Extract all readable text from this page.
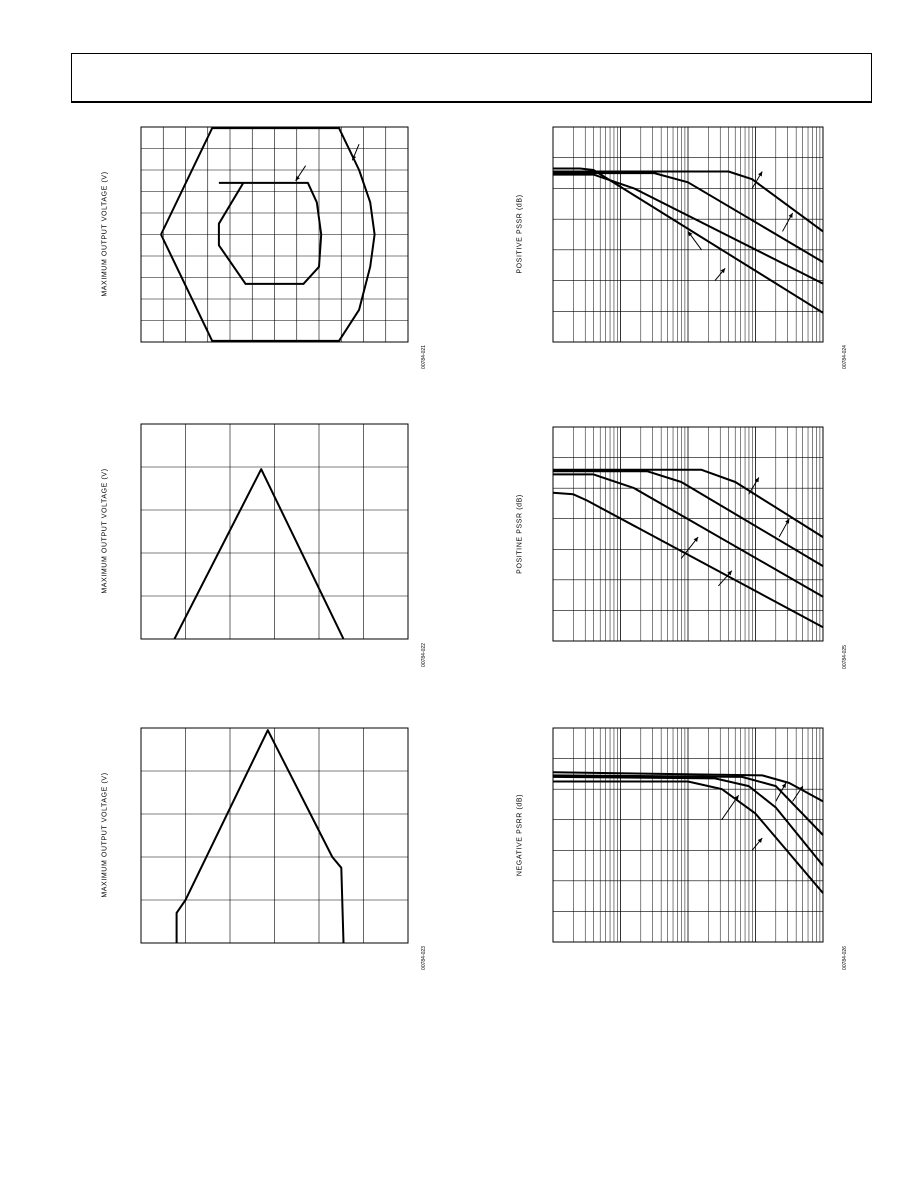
MAXIMUM OUTPUT VOLTAGE (V)
00784-021
MAXIMUM OUTPUT VOLTAGE (V)
00784-022
MAXIMUM OUTPUT VOLTAGE (V)
00784-023
POSITIVE PSSR (dB)
00784-024
POSITINE PSSR (dB)
00784-025
NEGATIVE PSRR (dB)
00784-026
